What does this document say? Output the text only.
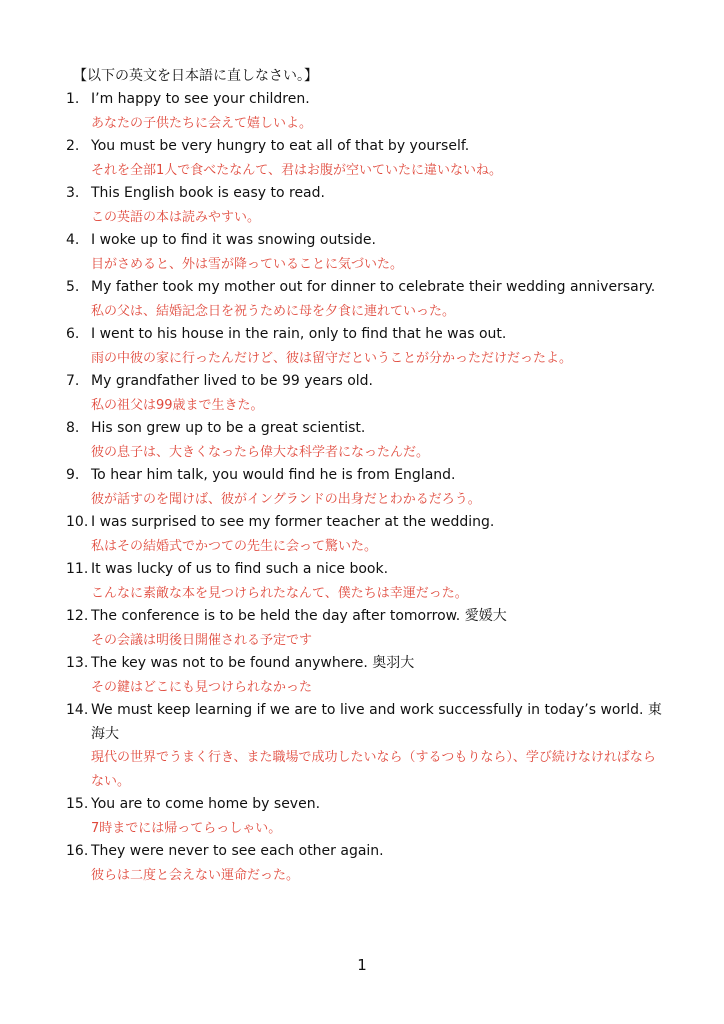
【以下の英文を日本語に直しなさい。】
1. I’m happy to see your children.
あなたの子供たちに会えて嬉しいよ。
2. You must be very hungry to eat all of that by yourself.
それを全部1人で食べたなんて、君はお腹が空いていたに違いないね。
3. This English book is easy to read.
この英語の本は読みやすい。
4. I woke up to find it was snowing outside.
目がさめると、外は雪が降っていることに気づいた。
5. My father took my mother out for dinner to celebrate their wedding anniversary.
私の父は、結婚記念日を祝うために母を夕食に連れていった。
6. I went to his house in the rain, only to find that he was out.
雨の中彼の家に行ったんだけど、彼は留守だということが分かっただけだったよ。
7. My grandfather lived to be 99 years old.
私の祖父は99歳まで生きた。
8. His son grew up to be a great scientist.
彼の息子は、大きくなったら偉大な科学者になったんだ。
9. To hear him talk, you would find he is from England.
彼が話すのを聞けば、彼がイングランドの出身だとわかるだろう。
10. I was surprised to see my former teacher at the wedding.
私はその結婚式でかつての先生に会って驚いた。
11. It was lucky of us to find such a nice book.
こんなに素敵な本を見つけられたなんて、僕たちは幸運だった。
12. The conference is to be held the day after tomorrow. 愛媛大
その会議は明後日開催される予定です
13. The key was not to be found anywhere. 奥羽大
その鍵はどこにも見つけられなかった
14. We must keep learning if we are to live and work successfully in today’s world. 東海大
現代の世界でうまく行き、また職場で成功したいなら（するつもりなら）、学び続けなければならない。
15. You are to come home by seven.
7時までには帰ってらっしゃい。
16. They were never to see each other again.
彼らは二度と会えない運命だった。
1
